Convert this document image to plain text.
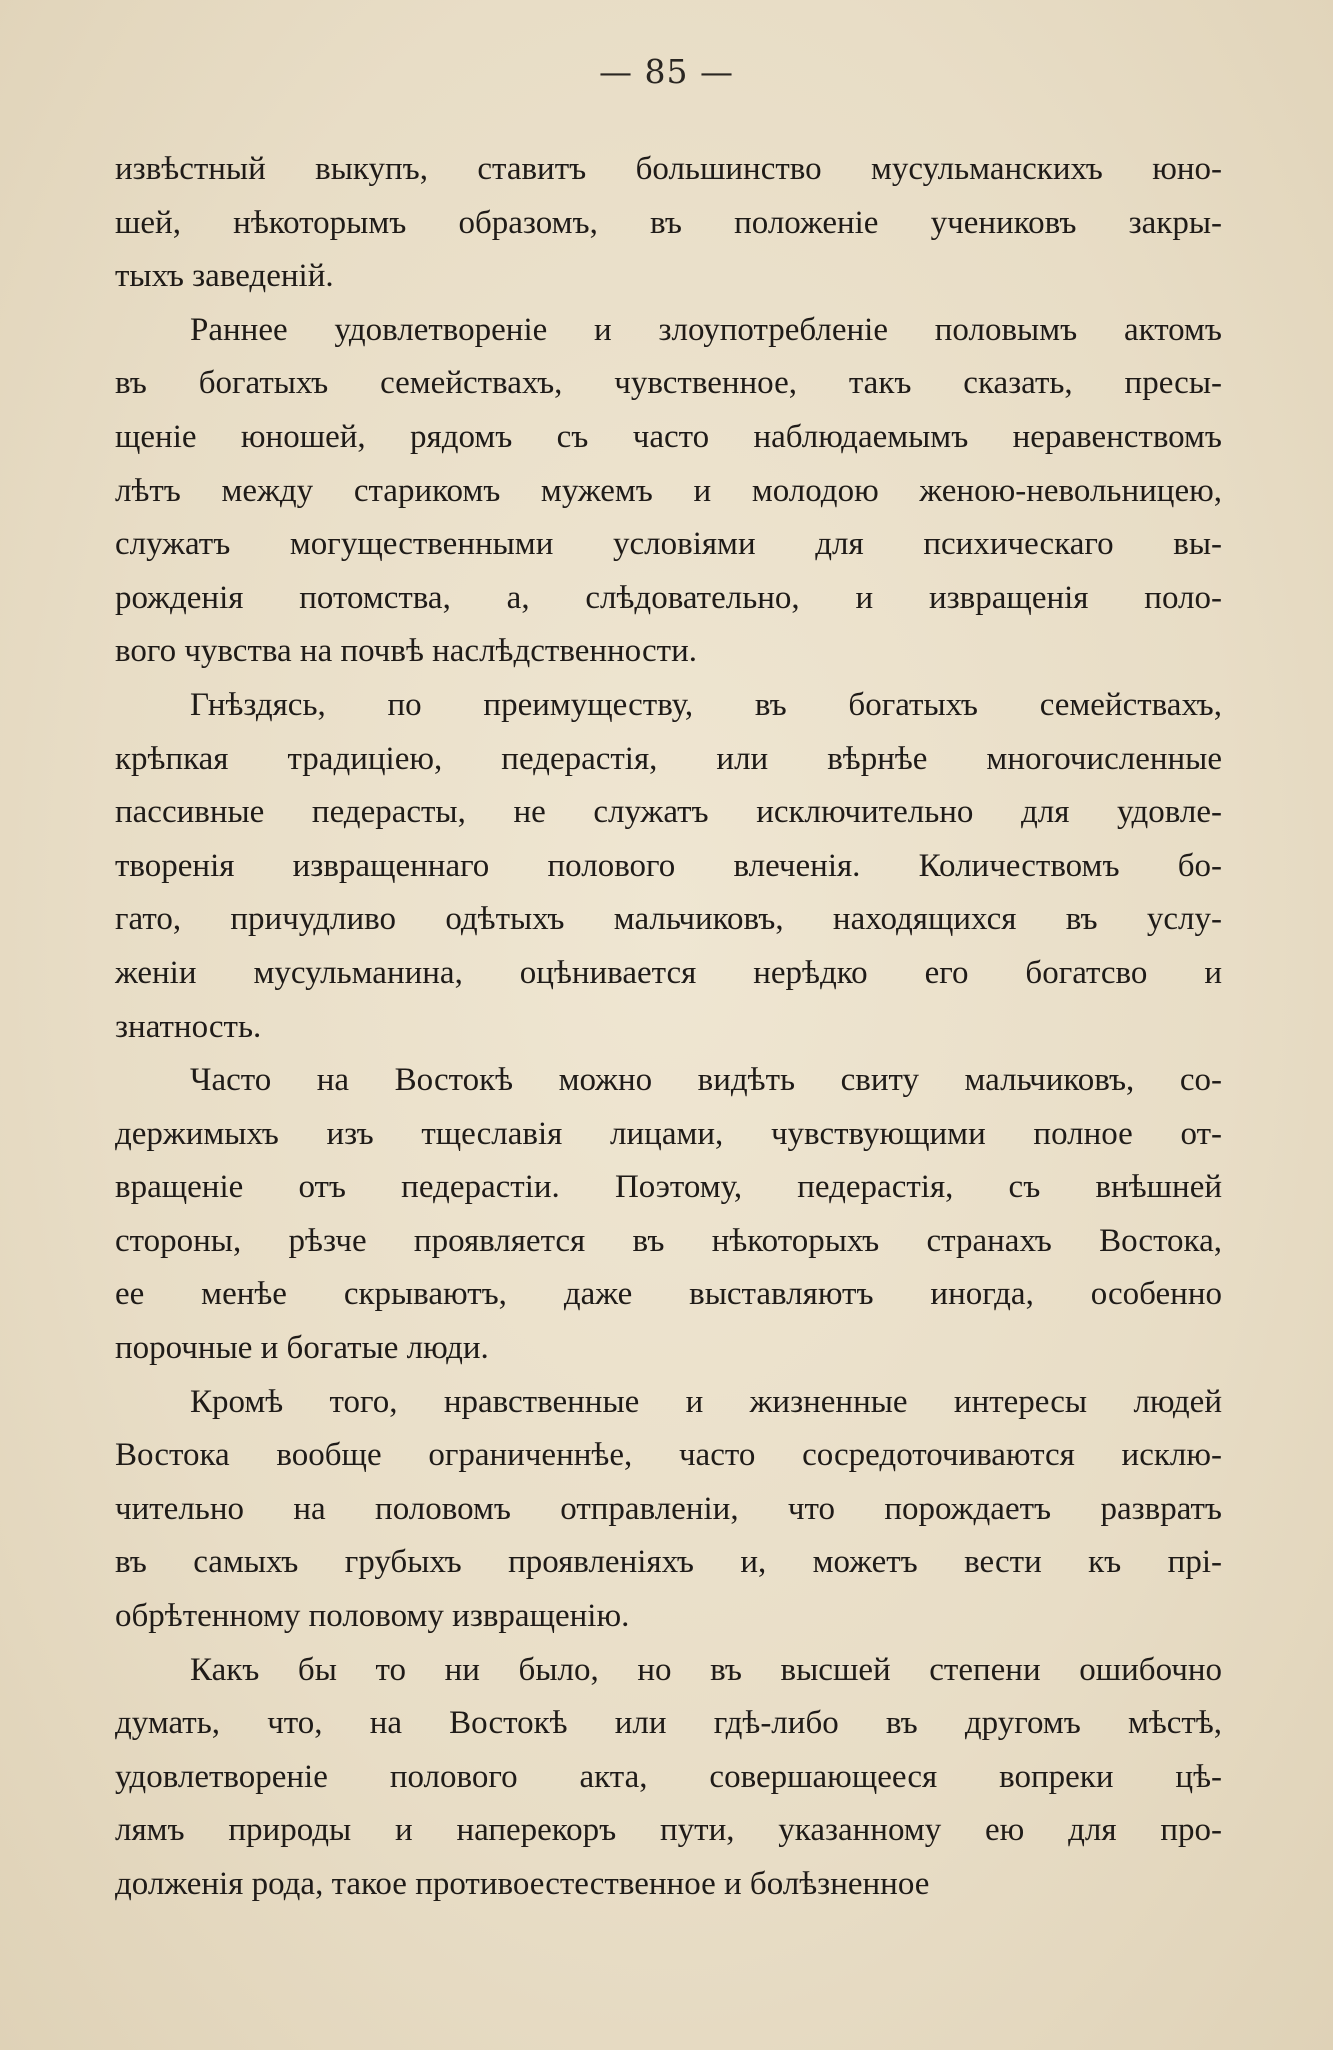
— 85 —
извѣстный выкупъ, ставитъ большинство мусульманскихъ юно-
шей, нѣкоторымъ образомъ, въ положеніе учениковъ закры-
тыхъ заведеній.
Раннее удовлетвореніе и злоупотребленіе половымъ актомъ
въ богатыхъ семействахъ, чувственное, такъ сказать, пресы-
щеніе юношей, рядомъ съ часто наблюдаемымъ неравенствомъ
лѣтъ между старикомъ мужемъ и молодою женою-невольницею,
служатъ могущественными условіями для психическаго вы-
рожденія потомства, а, слѣдовательно, и извращенія поло-
вого чувства на почвѣ наслѣдственности.
Гнѣздясь, по преимуществу, въ богатыхъ семействахъ,
крѣпкая традиціею, педерастія, или вѣрнѣе многочисленные
пассивные педерасты, не служатъ исключительно для удовле-
творенія извращеннаго полового влеченія. Количествомъ бо-
гато, причудливо одѣтыхъ мальчиковъ, находящихся въ услу-
женіи мусульманина, оцѣнивается нерѣдко его богатсво и
знатность.
Часто на Востокѣ можно видѣть свиту мальчиковъ, со-
держимыхъ изъ тщеславія лицами, чувствующими полное от-
вращеніе отъ педерастіи. Поэтому, педерастія, съ внѣшней
стороны, рѣзче проявляется въ нѣкоторыхъ странахъ Востока,
ее менѣе скрываютъ, даже выставляютъ иногда, особенно
порочные и богатые люди.
Кромѣ того, нравственные и жизненные интересы людей
Востока вообще ограниченнѣе, часто сосредоточиваются исклю-
чительно на половомъ отправленіи, что порождаетъ развратъ
въ самыхъ грубыхъ проявленіяхъ и, можетъ вести къ пpi-
обрѣтенному половому извращенію.
Какъ бы то ни было, но въ высшей степени ошибочно
думать, что, на Востокѣ или гдѣ-либо въ другомъ мѣстѣ,
удовлетвореніе полового акта, совершающееся вопреки цѣ-
лямъ природы и наперекоръ пути, указанному ею для про-
долженія рода, такое противоестественное и болѣзненное
